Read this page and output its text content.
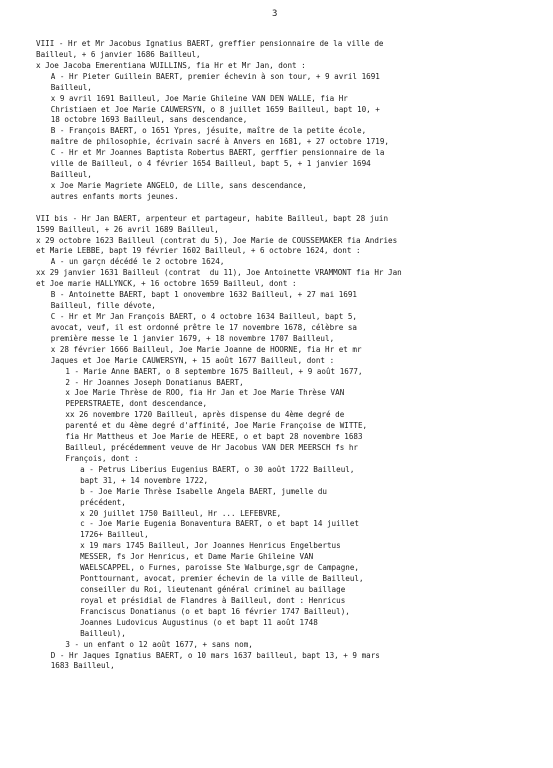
3
VIII - Hr et Mr Jacobus Ignatius BAERT, greffier pensionnaire de la ville de
Bailleul, + 6 janvier 1686 Bailleul,
x Joe Jacoba Emerentiana WUILLINS, fia Hr et Mr Jan, dont :
A - Hr Pieter Guillein BAERT, premier échevin à son tour, + 9 avril 1691
Bailleul,
x 9 avril 1691 Bailleul, Joe Marie Ghileine VAN DEN WALLE, fia Hr
Christiaen et Joe Marie CAUWERSYN, o 8 juillet 1659 Bailleul, bapt 10, +
18 octobre 1693 Bailleul, sans descendance,
B - François BAERT, o 1651 Ypres, jésuite, maître de la petite école,
maître de philosophie, écrivain sacré à Anvers en 1681, + 27 octobre 1719,
C - Hr et Mr Joannes Baptista Robertus BAERT, gerffier pensionnaire de la
ville de Bailleul, o 4 février 1654 Bailleul, bapt 5, + 1 janvier 1694
Bailleul,
x Joe Marie Magriete ANGELO, de Lille, sans descendance,
autres enfants morts jeunes.
VII bis - Hr Jan BAERT, arpenteur et partageur, habite Bailleul, bapt 28 juin
1599 Bailleul, + 26 avril 1689 Bailleul,
x 29 octobre 1623 Bailleul (contrat du 5), Joe Marie de COUSSEMAKER fia Andries
et Marie LEBBE, bapt 19 février 1602 Bailleul, + 6 octobre 1624, dont :
A - un garçn décédé le 2 octobre 1624,
xx 29 janvier 1631 Bailleul (contrat  du 11), Joe Antoinette VRAMMONT fia Hr Jan
et Joe marie HALLYNCK, + 16 octobre 1659 Bailleul, dont :
B - Antoinette BAERT, bapt 1 onovembre 1632 Bailleul, + 27 mai 1691
Bailleul, fille dévote,
C - Hr et Mr Jan François BAERT, o 4 octobre 1634 Bailleul, bapt 5,
avocat, veuf, il est ordonné prêtre le 17 novembre 1678, célèbre sa
première messe le 1 janvier 1679, + 18 novembre 1707 Bailleul,
x 28 février 1666 Bailleul, Joe Marie Joanne de HOORNE, fia Hr et mr
Jaques et Joe Marie CAUWERSYN, + 15 août 1677 Bailleul, dont :
1 - Marie Anne BAERT, o 8 septembre 1675 Bailleul, + 9 août 1677,
2 - Hr Joannes Joseph Donatianus BAERT,
x Joe Marie Thrèse de ROO, fia Hr Jan et Joe Marie Thrèse VAN
PEPERSTRAETE, dont descendance,
xx 26 novembre 1720 Bailleul, après dispense du 4ème degré de
parenté et du 4ème degré d'affinité, Joe Marie Françoise de WITTE,
fia Hr Mattheus et Joe Marie de HEERE, o et bapt 28 novembre 1683
Bailleul, précédemment veuve de Hr Jacobus VAN DER MEERSCH fs hr
François, dont :
a - Petrus Liberius Eugenius BAERT, o 30 août 1722 Bailleul,
bapt 31, + 14 novembre 1722,
b - Joe Marie Thrèse Isabelle Angela BAERT, jumelle du
précédent,
x 20 juillet 1750 Bailleul, Hr ... LEFEBVRE,
c - Joe Marie Eugenia Bonaventura BAERT, o et bapt 14 juillet
1726+ Bailleul,
x 19 mars 1745 Bailleul, Jor Joannes Henricus Engelbertus
MESSER, fs Jor Henricus, et Dame Marie Ghileine VAN
WAELSCAPPEL, o Furnes, paroisse Ste Walburge,sgr de Campagne,
Ponttournant, avocat, premier échevin de la ville de Bailleul,
conseiller du Roi, lieutenant général criminel au baillage
royal et présidial de Flandres à Bailleul, dont : Henricus
Franciscus Donatianus (o et bapt 16 février 1747 Bailleul),
Joannes Ludovicus Augustinus (o et bapt 11 août 1748
Bailleul),
3 - un enfant o 12 août 1677, + sans nom,
D - Hr Jaques Ignatius BAERT, o 10 mars 1637 bailleul, bapt 13, + 9 mars
1683 Bailleul,
